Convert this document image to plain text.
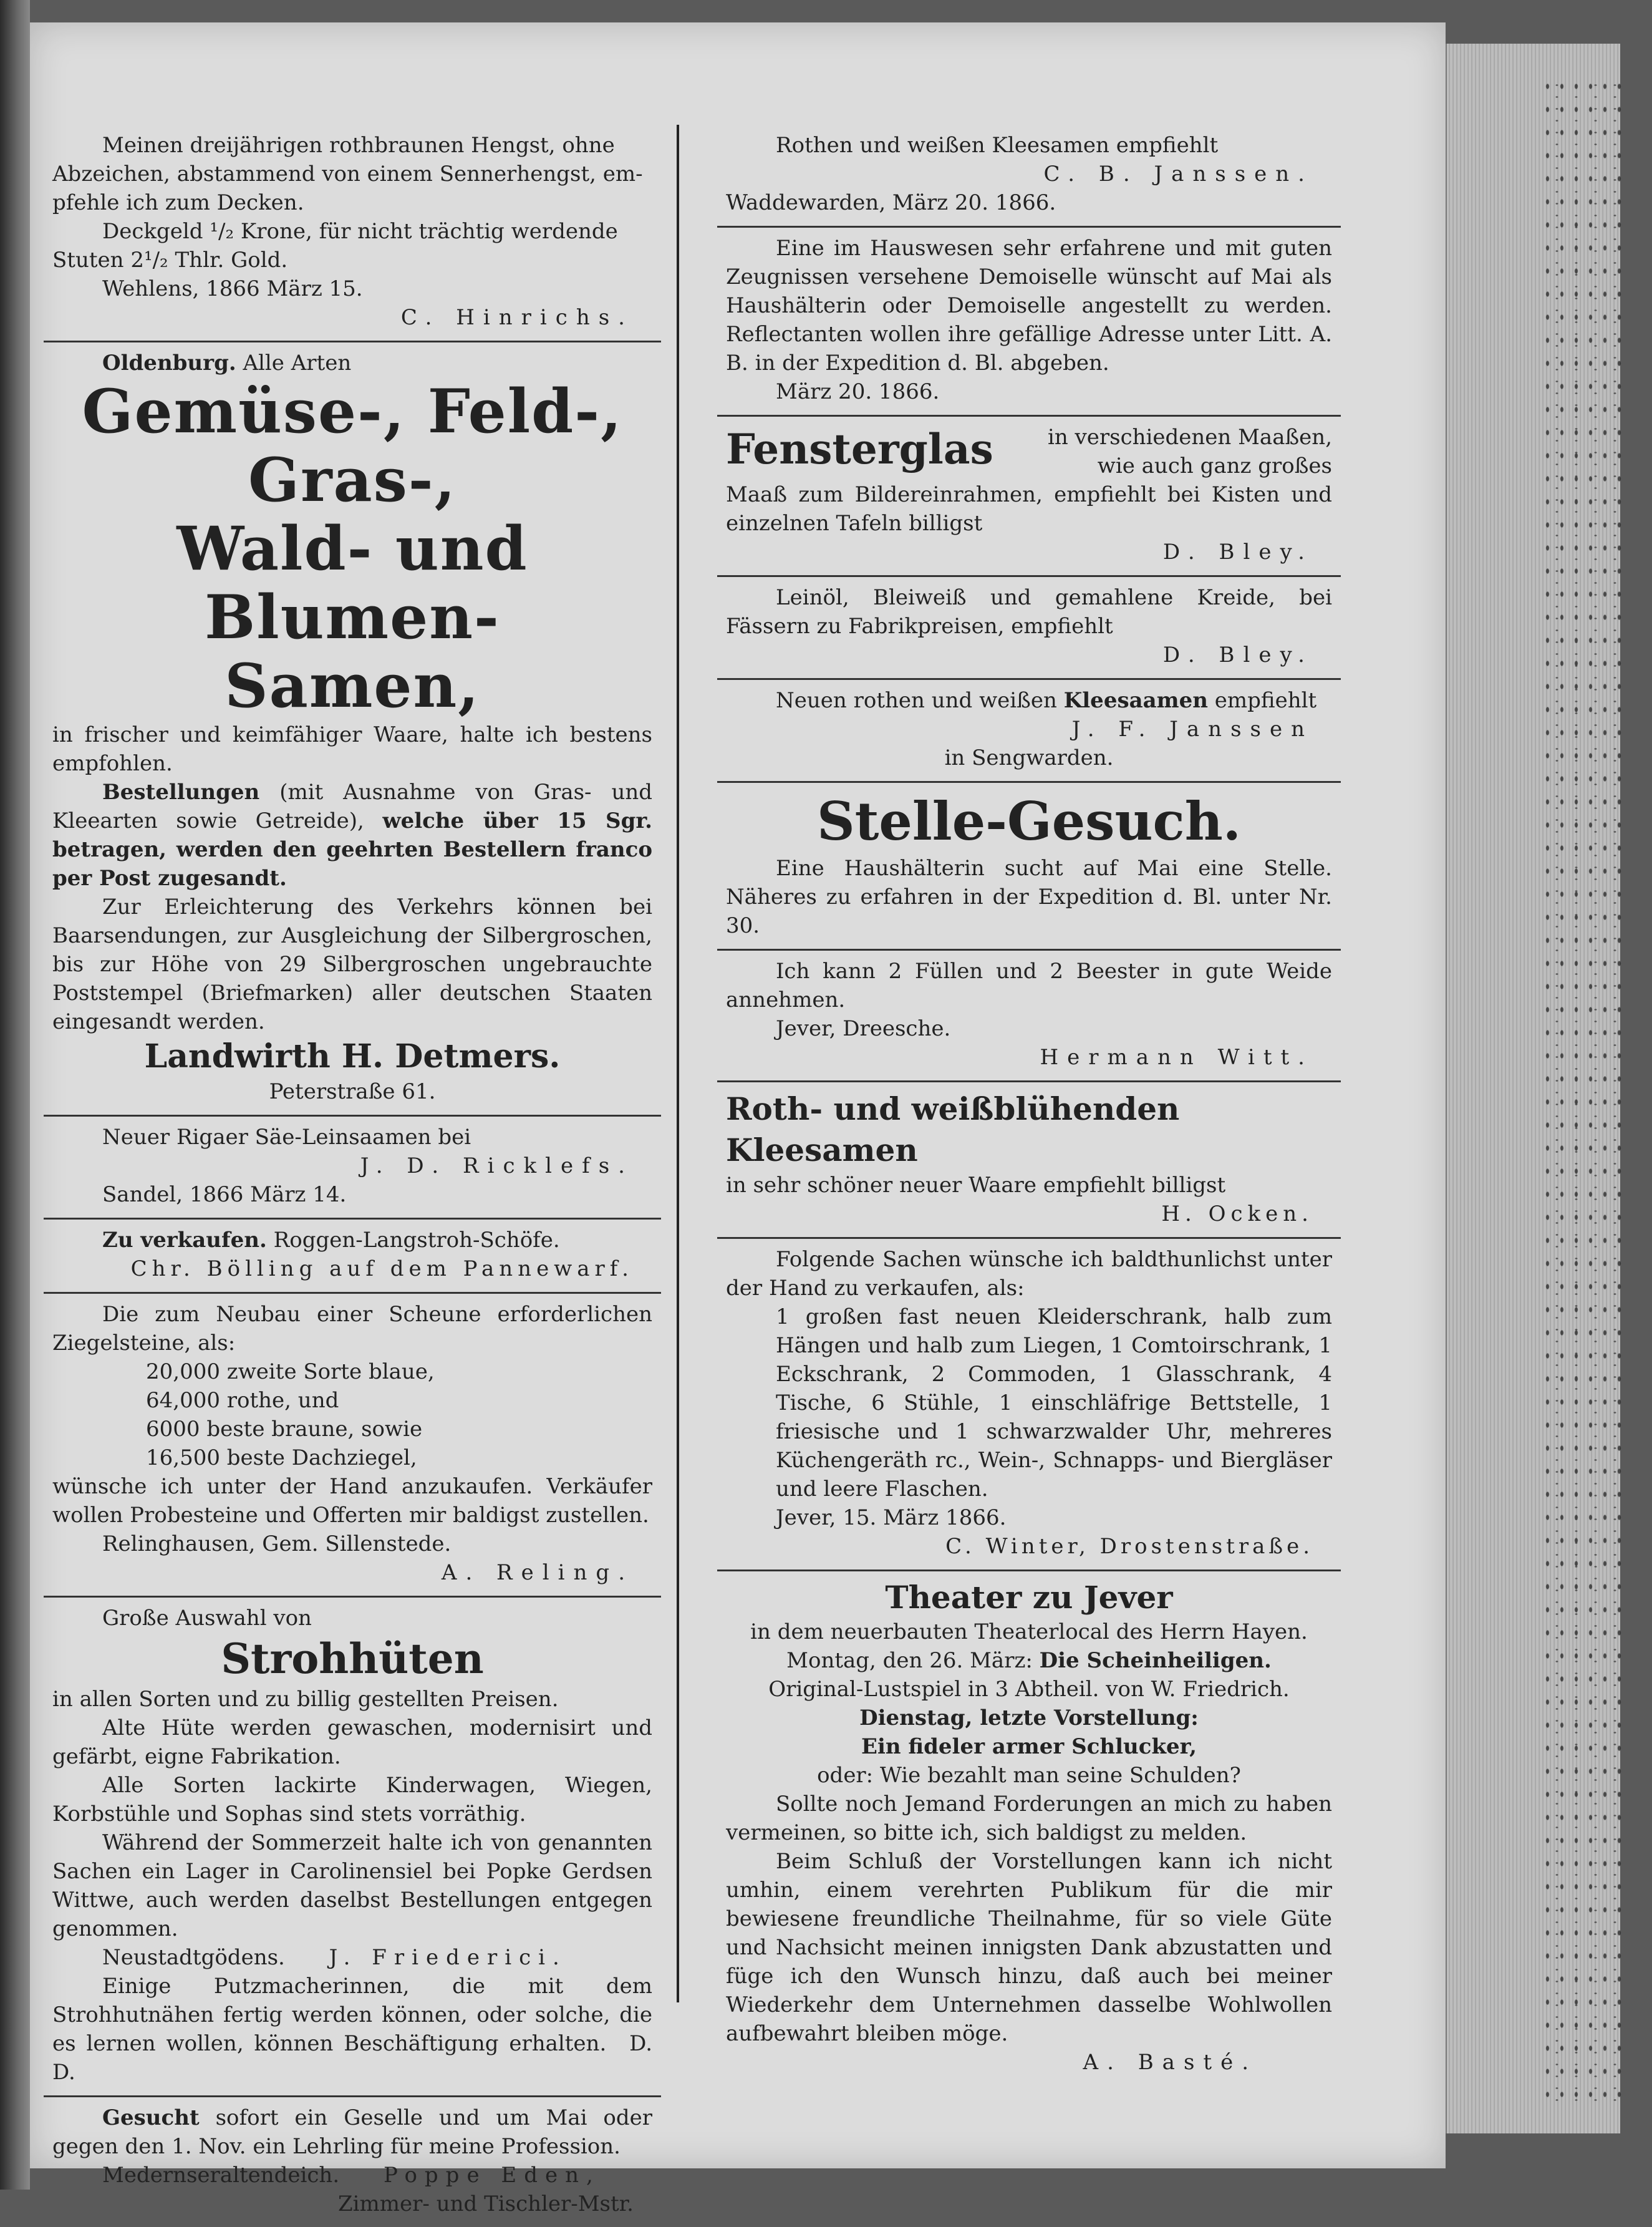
Meinen dreijährigen rothbraunen Hengst, ohne

Abzeichen, abstammend von einem Sennerhengst, em-

pfehle ich zum Decken.

Deckgeld ¹/₂ Krone, für nicht trächtig werdende

Stuten 2¹/₂ Thlr. Gold.

Wehlens, 1866 März 15.

C. Hinrichs.

Oldenburg. Alle Arten

Gemüse-, Feld-, Gras-,
Wald- und Blumen-
Samen,

in frischer und keimfähiger Waare, halte ich bestens empfohlen.

Bestellungen (mit Ausnahme von Gras- und Kleearten sowie Getreide), welche über 15 Sgr. betragen, werden den geehrten Bestellern franco per Post zugesandt.

Zur Erleichterung des Verkehrs können bei Baarsendungen, zur Ausgleichung der Silbergroschen, bis zur Höhe von 29 Silbergroschen ungebrauchte Poststempel (Briefmarken) aller deutschen Staaten eingesandt werden.

Landwirth H. Detmers.

Peterstraße 61.

Neuer Rigaer Säe-Leinsaamen bei

J. D. Ricklefs.

Sandel, 1866 März 14.

Zu verkaufen. Roggen-Langstroh-Schöfe.

Chr. Bölling auf dem Pannewarf.

Die zum Neubau einer Scheune erforderlichen Ziegelsteine, als:

20,000 zweite Sorte blaue,
64,000 rothe, und
6000 beste braune, sowie
16,500 beste Dachziegel,

wünsche ich unter der Hand anzukaufen. Verkäufer wollen Probesteine und Offerten mir baldigst zustellen.

Relinghausen, Gem. Sillenstede.

A. Reling.

Große Auswahl von

Strohhüten

in allen Sorten und zu billig gestellten Preisen.

Alte Hüte werden gewaschen, modernisirt und gefärbt, eigne Fabrikation.

Alle Sorten lackirte Kinderwagen, Wiegen, Korbstühle und Sophas sind stets vorräthig.

Während der Sommerzeit halte ich von genannten Sachen ein Lager in Carolinensiel bei Popke Gerdsen Wittwe, auch werden daselbst Bestellungen entgegen genommen.

Neustadtgödens. J. Friederici.

Einige Putzmacherinnen, die mit dem Strohhutnähen fertig werden können, oder solche, die es lernen wollen, können Beschäftigung erhalten. D. D.

Gesucht sofort ein Geselle und um Mai oder gegen den 1. Nov. ein Lehrling für meine Profession.

Medernseraltendeich. Poppe Eden,

Zimmer- und Tischler-Mstr.

Rothen und weißen Kleesamen empfiehlt

C. B. Janssen.

Waddewarden, März 20. 1866.

Eine im Hauswesen sehr erfahrene und mit guten Zeugnissen versehene Demoiselle wünscht auf Mai als Haushälterin oder Demoiselle angestellt zu werden. Reflectanten wollen ihre gefällige Adresse unter Litt. A. B. in der Expedition d. Bl. abgeben.

März 20. 1866.

Fensterglas	in verschiedenen Maaßen, wie auch ganz großes

Maaß zum Bildereinrahmen, empfiehlt bei Kisten und einzelnen Tafeln billigst

D. Bley.

Leinöl, Bleiweiß und gemahlene Kreide, bei Fässern zu Fabrikpreisen, empfiehlt

D. Bley.

Neuen rothen und weißen Kleesaamen empfiehlt

J. F. Janssen

in Sengwarden.

Stelle-Gesuch.

Eine Haushälterin sucht auf Mai eine Stelle. Näheres zu erfahren in der Expedition d. Bl. unter Nr. 30.

Ich kann 2 Füllen und 2 Beester in gute Weide annehmen.

Jever, Dreesche.

Hermann Witt.
Roth- und weißblühenden Kleesamen

in sehr schöner neuer Waare empfiehlt billigst

H. Ocken.

Folgende Sachen wünsche ich baldthunlichst unter der Hand zu verkaufen, als:

1 großen fast neuen Kleiderschrank, halb zum Hängen und halb zum Liegen, 1 Comtoirschrank, 1 Eckschrank, 2 Commoden, 1 Glasschrank, 4 Tische, 6 Stühle, 1 einschläfrige Bettstelle, 1 friesische und 1 schwarzwalder Uhr, mehreres Küchengeräth rc., Wein-, Schnapps- und Biergläser und leere Flaschen.

Jever, 15. März 1866.

C. Winter, Drostenstraße.
Theater zu Jever

in dem neuerbauten Theaterlocal des Herrn Hayen.

Montag, den 26. März: Die Scheinheiligen.

Original-Lustspiel in 3 Abtheil. von W. Friedrich.

Dienstag, letzte Vorstellung:

Ein fideler armer Schlucker,

oder: Wie bezahlt man seine Schulden?

Sollte noch Jemand Forderungen an mich zu haben vermeinen, so bitte ich, sich baldigst zu melden.

Beim Schluß der Vorstellungen kann ich nicht umhin, einem verehrten Publikum für die mir bewiesene freundliche Theilnahme, für so viele Güte und Nachsicht meinen innigsten Dank abzustatten und füge ich den Wunsch hinzu, daß auch bei meiner Wiederkehr dem Unternehmen dasselbe Wohlwollen aufbewahrt bleiben möge.

A. Basté.
